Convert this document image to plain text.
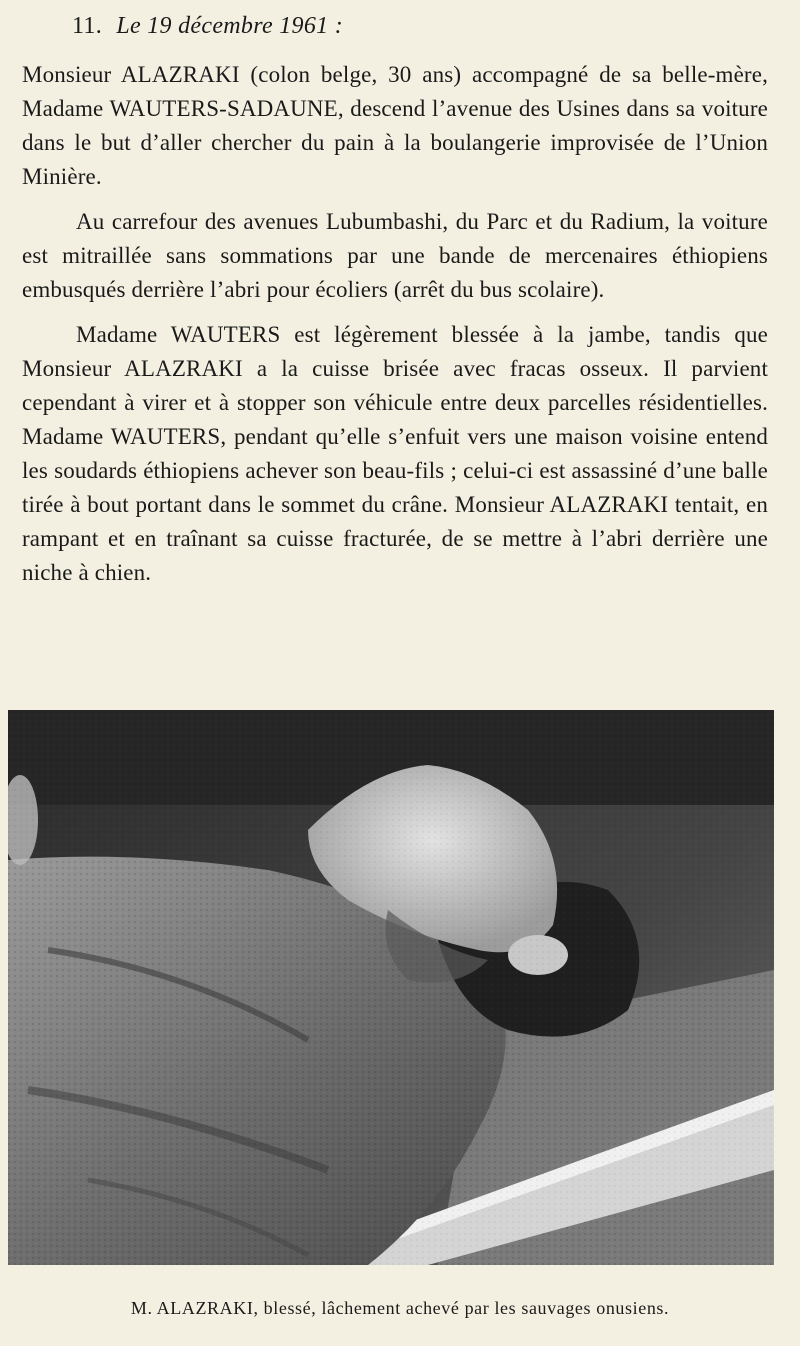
11. Le 19 décembre 1961 :

Monsieur ALAZRAKI (colon belge, 30 ans) accompagné de sa belle-mère, Madame WAUTERS-SADAUNE, descend l’avenue des Usines dans sa voiture dans le but d’aller chercher du pain à la boulangerie improvisée de l’Union Minière.

Au carrefour des avenues Lubumbashi, du Parc et du Radium, la voiture est mitraillée sans sommations par une bande de mercenaires éthiopiens embusqués derrière l’abri pour écoliers (arrêt du bus scolaire).

Madame WAUTERS est légèrement blessée à la jambe, tandis que Monsieur ALAZRAKI a la cuisse brisée avec fracas osseux. Il parvient cependant à virer et à stopper son véhicule entre deux parcelles résidentielles. Madame WAUTERS, pendant qu’elle s’enfuit vers une maison voisine entend les soudards éthiopiens achever son beau-fils ; celui-ci est assassiné d’une balle tirée à bout portant dans le sommet du crâne. Monsieur ALAZRAKI tentait, en rampant et en traînant sa cuisse fracturée, de se mettre à l’abri derrière une niche à chien.

M. ALAZRAKI, blessé, lâchement achevé par les sauvages onusiens.
